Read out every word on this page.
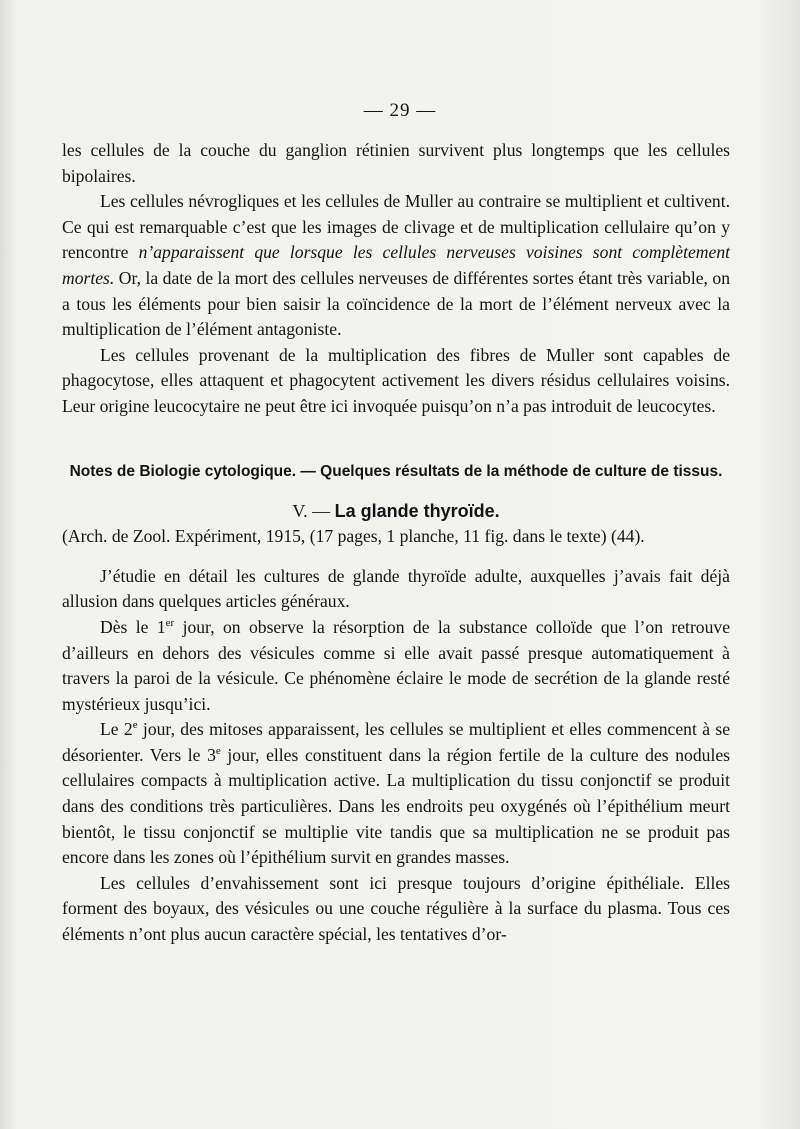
— 29 —

les cellules de la couche du ganglion rétinien survivent plus longtemps que les cellules bipolaires.

Les cellules névrogliques et les cellules de Muller au contraire se multiplient et cultivent. Ce qui est remarquable c’est que les images de clivage et de multiplication cellulaire qu’on y rencontre n’apparaissent que lorsque les cellules nerveuses voisines sont complètement mortes. Or, la date de la mort des cellules nerveuses de différentes sortes étant très variable, on a tous les éléments pour bien saisir la coïncidence de la mort de l’élément nerveux avec la multiplication de l’élément antagoniste.

Les cellules provenant de la multiplication des fibres de Muller sont capables de phagocytose, elles attaquent et phagocytent activement les divers résidus cellulaires voisins. Leur origine leucocytaire ne peut être ici invoquée puisqu’on n’a pas introduit de leucocytes.

Notes de Biologie cytologique. — Quelques résultats de la méthode de culture de tissus.

V. — La glande thyroïde.

(Arch. de Zool. Expériment, 1915, (17 pages, 1 planche, 11 fig. dans le texte) (44).

J’étudie en détail les cultures de glande thyroïde adulte, auxquelles j’avais fait déjà allusion dans quelques articles généraux.

Dès le 1er jour, on observe la résorption de la substance colloïde que l’on retrouve d’ailleurs en dehors des vésicules comme si elle avait passé presque automatiquement à travers la paroi de la vésicule. Ce phénomène éclaire le mode de secrétion de la glande resté mystérieux jusqu’ici.

Le 2e jour, des mitoses apparaissent, les cellules se multiplient et elles commencent à se désorienter. Vers le 3e jour, elles constituent dans la région fertile de la culture des nodules cellulaires compacts à multiplication active. La multiplication du tissu conjonctif se produit dans des conditions très particulières. Dans les endroits peu oxygénés où l’épithélium meurt bientôt, le tissu conjonctif se multiplie vite tandis que sa multiplication ne se produit pas encore dans les zones où l’épithélium survit en grandes masses.

Les cellules d’envahissement sont ici presque toujours d’origine épithéliale. Elles forment des boyaux, des vésicules ou une couche régulière à la surface du plasma. Tous ces éléments n’ont plus aucun caractère spécial, les tentatives d’or-
